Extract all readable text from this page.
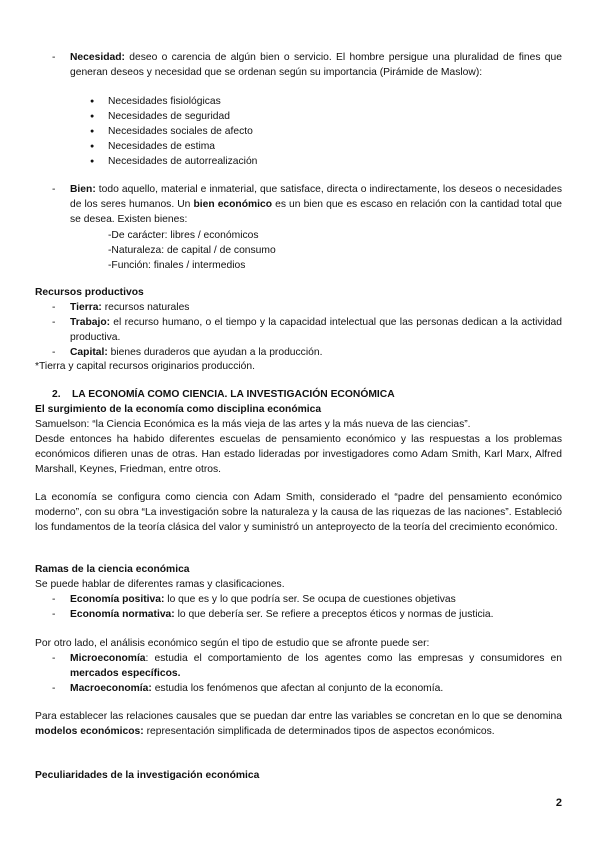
-	Necesidad: deseo o carencia de algún bien o servicio. El hombre persigue una pluralidad de fines que generan deseos y necesidad que se ordenan según su importancia (Pirámide de Maslow):
● Necesidades fisiológicas
● Necesidades de seguridad
● Necesidades sociales de afecto
● Necesidades de estima
● Necesidades de autorrealización
-	Bien: todo aquello, material e inmaterial, que satisface, directa o indirectamente, los deseos o necesidades de los seres humanos. Un bien económico es un bien que es escaso en relación con la cantidad total que se desea. Existen bienes:
-De carácter: libres / económicos
-Naturaleza: de capital / de consumo
-Función: finales / intermedios
Recursos productivos
-	Tierra: recursos naturales
-	Trabajo: el recurso humano, o el tiempo y la capacidad intelectual que las personas dedican a la actividad productiva.
-	Capital: bienes duraderos que ayudan a la producción.
*Tierra y capital recursos originarios producción.
2. LA ECONOMÍA COMO CIENCIA. LA INVESTIGACIÓN ECONÓMICA
El surgimiento de la economía como disciplina económica
Samuelson: “la Ciencia Económica es la más vieja de las artes y la más nueva de las ciencias”.
Desde entonces ha habido diferentes escuelas de pensamiento económico y las respuestas a los problemas económicos difieren unas de otras. Han estado lideradas por investigadores como Adam Smith, Karl Marx, Alfred Marshall, Keynes, Friedman, entre otros.
La economía se configura como ciencia con Adam Smith, considerado el “padre del pensamiento económico moderno”, con su obra “La investigación sobre la naturaleza y la causa de las riquezas de las naciones”. Estableció los fundamentos de la teoría clásica del valor y suministró un anteproyecto de la teoría del crecimiento económico.
Ramas de la ciencia económica
Se puede hablar de diferentes ramas y clasificaciones.
-	Economía positiva: lo que es y lo que podría ser. Se ocupa de cuestiones objetivas
-	Economía normativa: lo que debería ser. Se refiere a preceptos éticos y normas de justicia.
Por otro lado, el análisis económico según el tipo de estudio que se afronte puede ser:
-	Microeconomía: estudia el comportamiento de los agentes como las empresas y consumidores en mercados específicos.
-	Macroeconomía: estudia los fenómenos que afectan al conjunto de la economía.
Para establecer las relaciones causales que se puedan dar entre las variables se concretan en lo que se denomina modelos económicos: representación simplificada de determinados tipos de aspectos económicos.
Peculiaridades de la investigación económica
2
